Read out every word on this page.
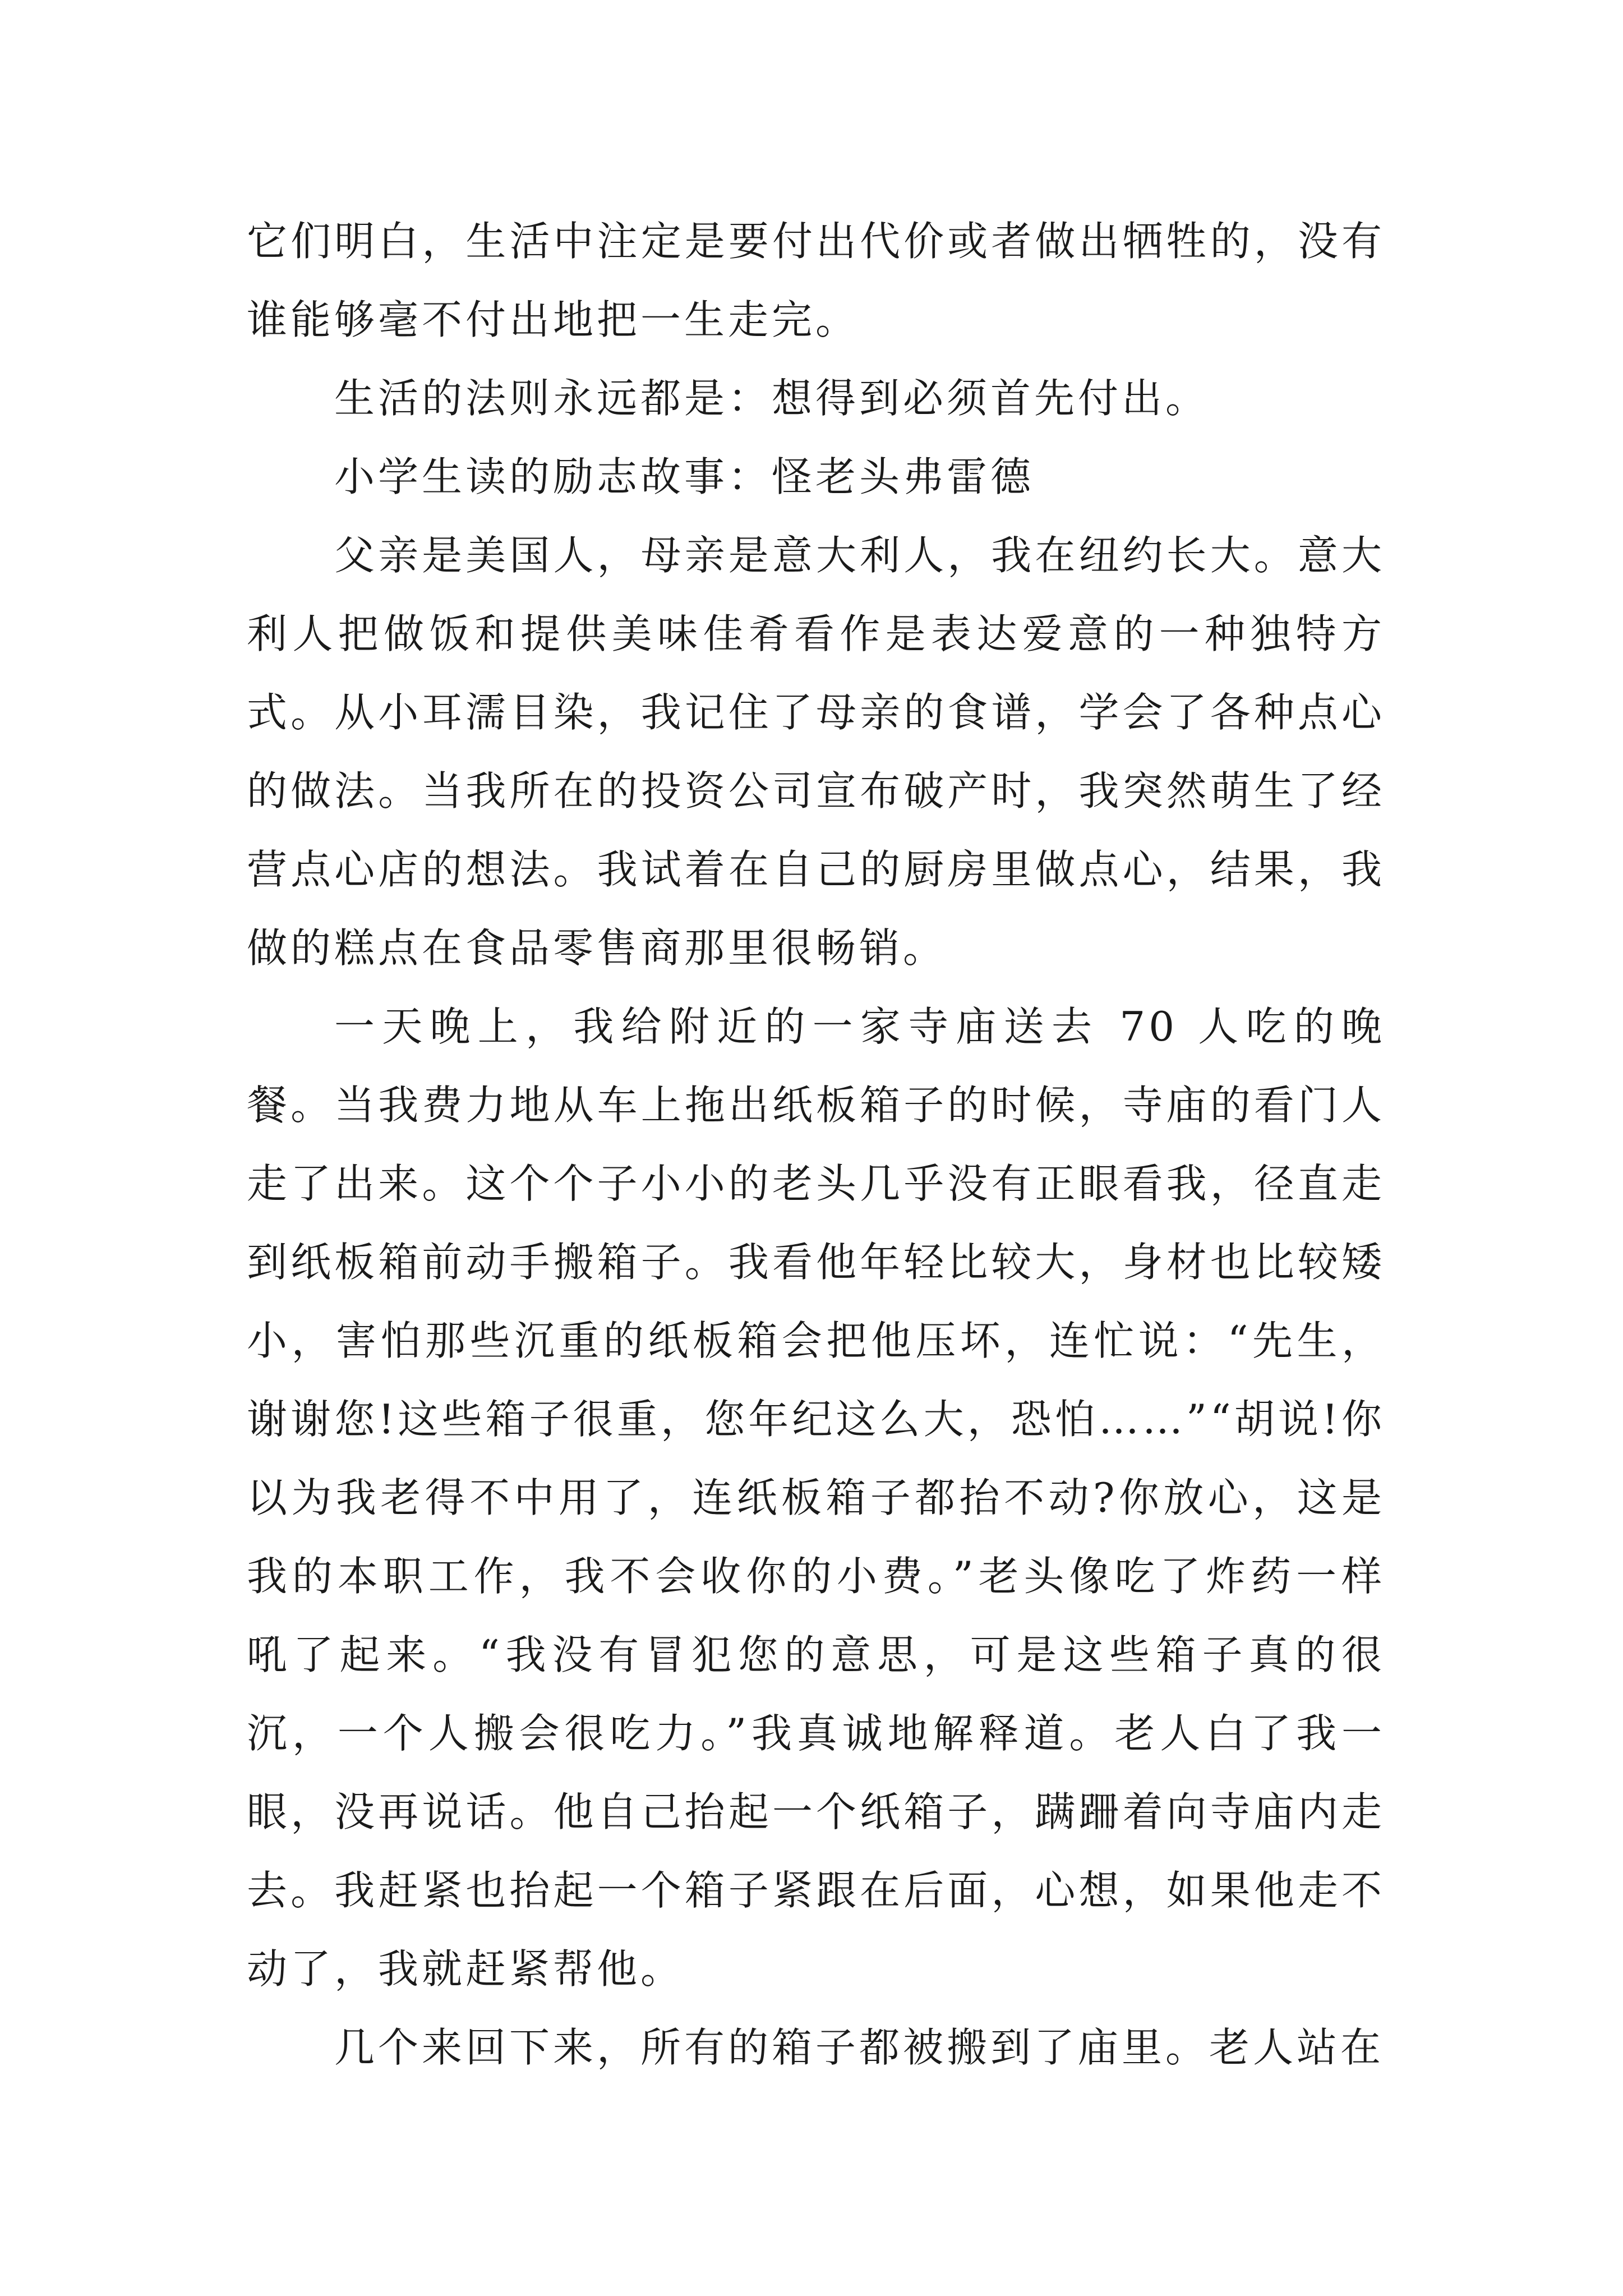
它们明白，生活中注定是要付出代价或者做出牺牲的，没有谁能够毫不付出地把一生走完。

生活的法则永远都是：想得到必须首先付出。

小学生读的励志故事：怪老头弗雷德

父亲是美国人，母亲是意大利人，我在纽约长大。意大利人把做饭和提供美味佳肴看作是表达爱意的一种独特方式。从小耳濡目染，我记住了母亲的食谱，学会了各种点心的做法。当我所在的投资公司宣布破产时，我突然萌生了经营点心店的想法。我试着在自己的厨房里做点心，结果，我做的糕点在食品零售商那里很畅销。

一天晚上，我给附近的一家寺庙送去 70 人吃的晚餐。当我费力地从车上拖出纸板箱子的时候，寺庙的看门人走了出来。这个个子小小的老头几乎没有正眼看我，径直走到纸板箱前动手搬箱子。我看他年轻比较大，身材也比较矮小，害怕那些沉重的纸板箱会把他压坏，连忙说：“先生，谢谢您!这些箱子很重，您年纪这么大，恐怕……”“胡说!你以为我老得不中用了，连纸板箱子都抬不动?你放心，这是我的本职工作，我不会收你的小费。”老头像吃了炸药一样吼了起来。“我没有冒犯您的意思，可是这些箱子真的很沉，一个人搬会很吃力。”我真诚地解释道。老人白了我一眼，没再说话。他自己抬起一个纸箱子，蹒跚着向寺庙内走去。我赶紧也抬起一个箱子紧跟在后面，心想，如果他走不动了，我就赶紧帮他。

几个来回下来，所有的箱子都被搬到了庙里。老人站在
